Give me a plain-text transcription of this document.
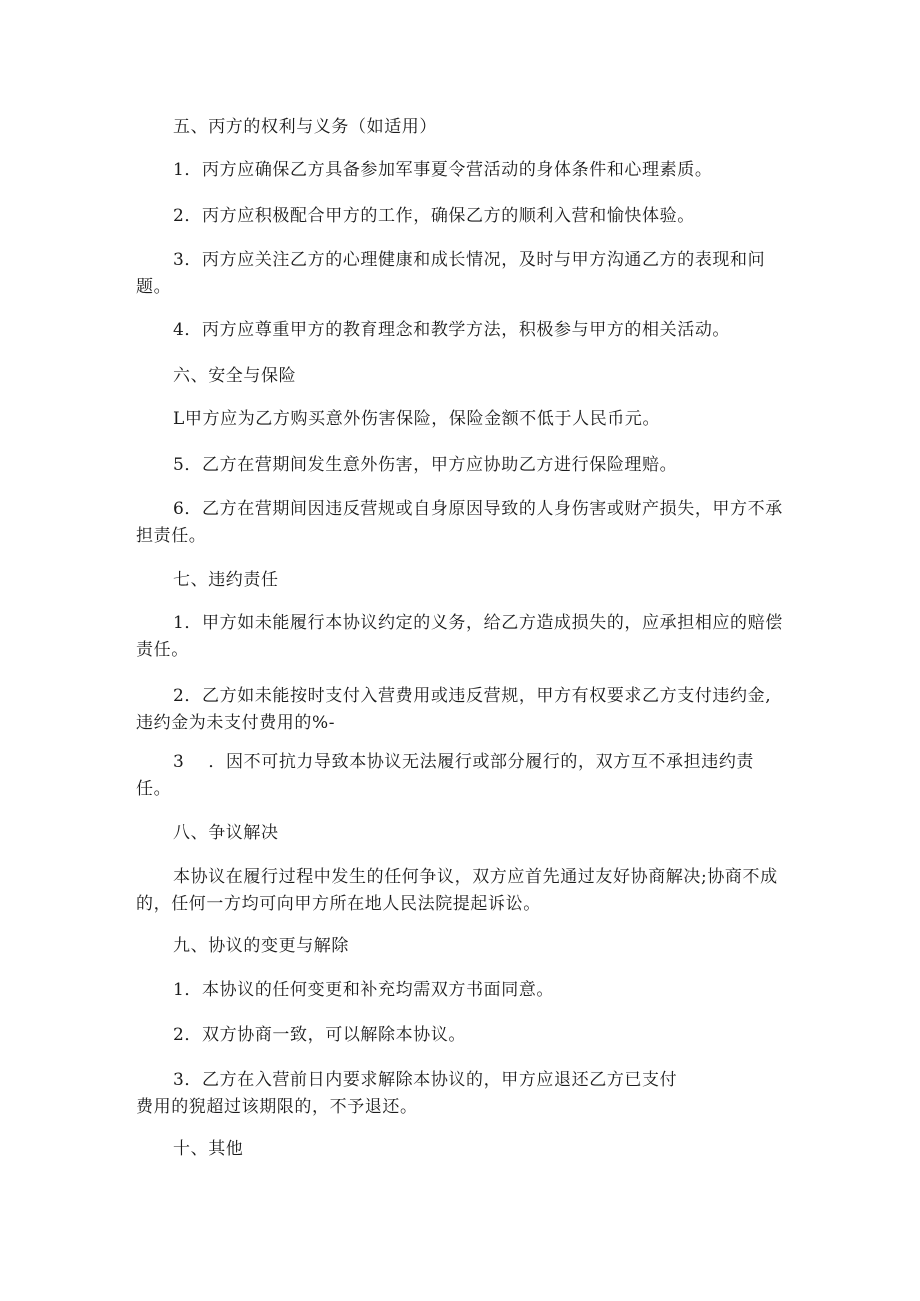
五、丙方的权利与义务（如适用）
1．丙方应确保乙方具备参加军事夏令营活动的身体条件和心理素质。
2．丙方应积极配合甲方的工作，确保乙方的顺利入营和愉快体验。
3．丙方应关注乙方的心理健康和成长情况，及时与甲方沟通乙方的表现和问题。
4．丙方应尊重甲方的教育理念和教学方法，积极参与甲方的相关活动。
六、安全与保险
L甲方应为乙方购买意外伤害保险，保险金额不低于人民币元。
5．乙方在营期间发生意外伤害，甲方应协助乙方进行保险理赔。
6．乙方在营期间因违反营规或自身原因导致的人身伤害或财产损失，甲方不承担责任。
七、违约责任
1．甲方如未能履行本协议约定的义务，给乙方造成损失的，应承担相应的赔偿责任。
2．乙方如未能按时支付入营费用或违反营规，甲方有权要求乙方支付违约金,违约金为未支付费用的%-
3    ．因不可抗力导致本协议无法履行或部分履行的，双方互不承担违约责任。
八、争议解决
本协议在履行过程中发生的任何争议，双方应首先通过友好协商解决;协商不成的，任何一方均可向甲方所在地人民法院提起诉讼。
九、协议的变更与解除
1．本协议的任何变更和补充均需双方书面同意。
2．双方协商一致，可以解除本协议。
3．乙方在入营前日内要求解除本协议的，甲方应退还乙方已支付
费用的猊超过该期限的，不予退还。
十、其他
